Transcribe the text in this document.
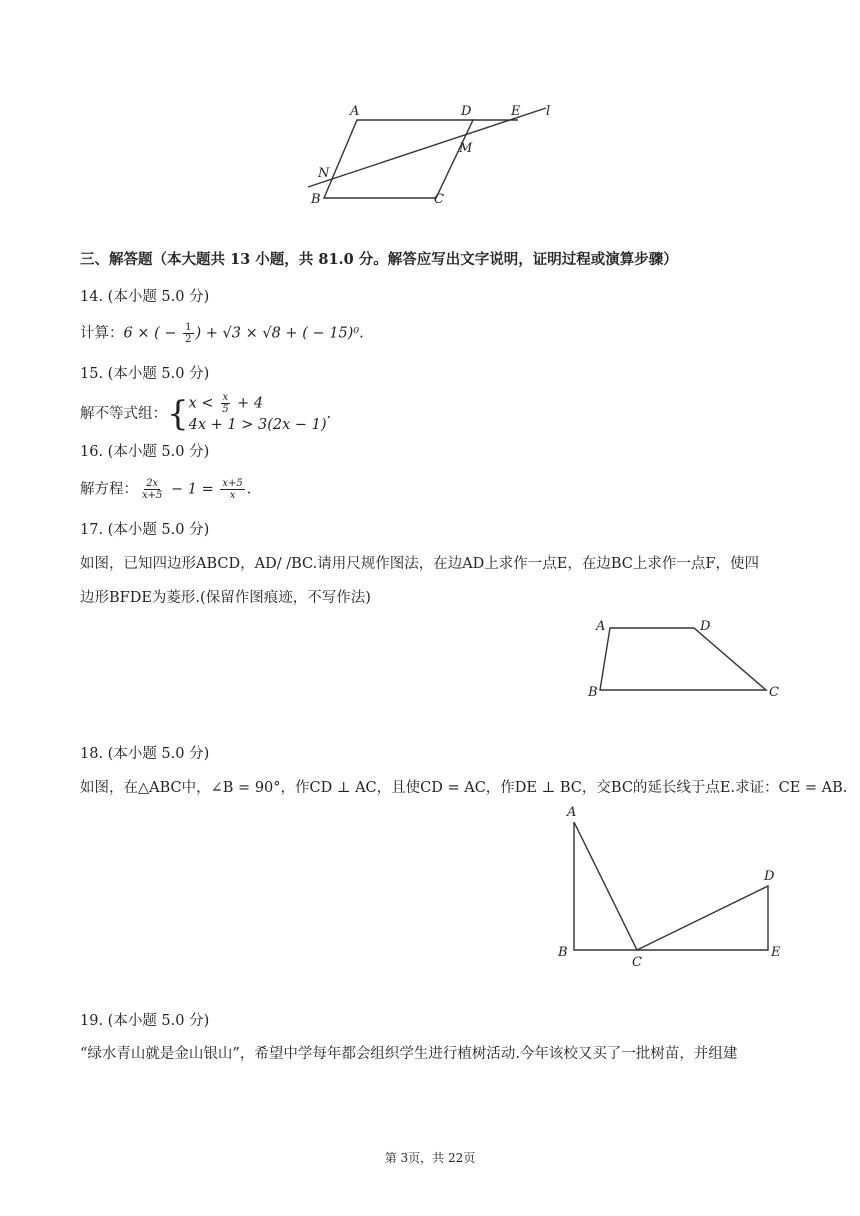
A	D	E l
N
M
B	C
三、解答题（本大题共 13 小题，共 81.0 分。解答应写出文字说明，证明过程或演算步骤）
14. (本小题 5.0 分)
计算：6 × ( − $\frac{1}{2}$ ) + √3 × √8 + ( − 15)⁰.
15. (本小题 5.0 分)
解不等式组：{ $x < \frac{x}{5} + 4$
4x + 1 > 3(2x − 1)
.
16. (本小题 5.0 分)
解方程： $\frac{2x}{x+5} - 1 = \frac{x+5}{x}$ .
17. (本小题 5.0 分)
如图，已知四边形ABCD，AD/ /BC.请用尺规作图法，在边AD上求作一点E，在边BC上求作一点F，使四
边形BFDE为菱形.(保留作图痕迹，不写作法)
A	D
B	C
18. (本小题 5.0 分)
如图，在△ABC中，∠B = 90°，作CD ⊥ AC，且使CD = AC，作DE ⊥ BC，交BC的延长线于点E.求证：CE = AB.
A
D
B
C
E
19. (本小题 5.0 分)
“绿水青山就是金山银山”，希望中学每年都会组织学生进行植树活动.今年该校又买了一批树苗，并组建
第 3页，共 22页
